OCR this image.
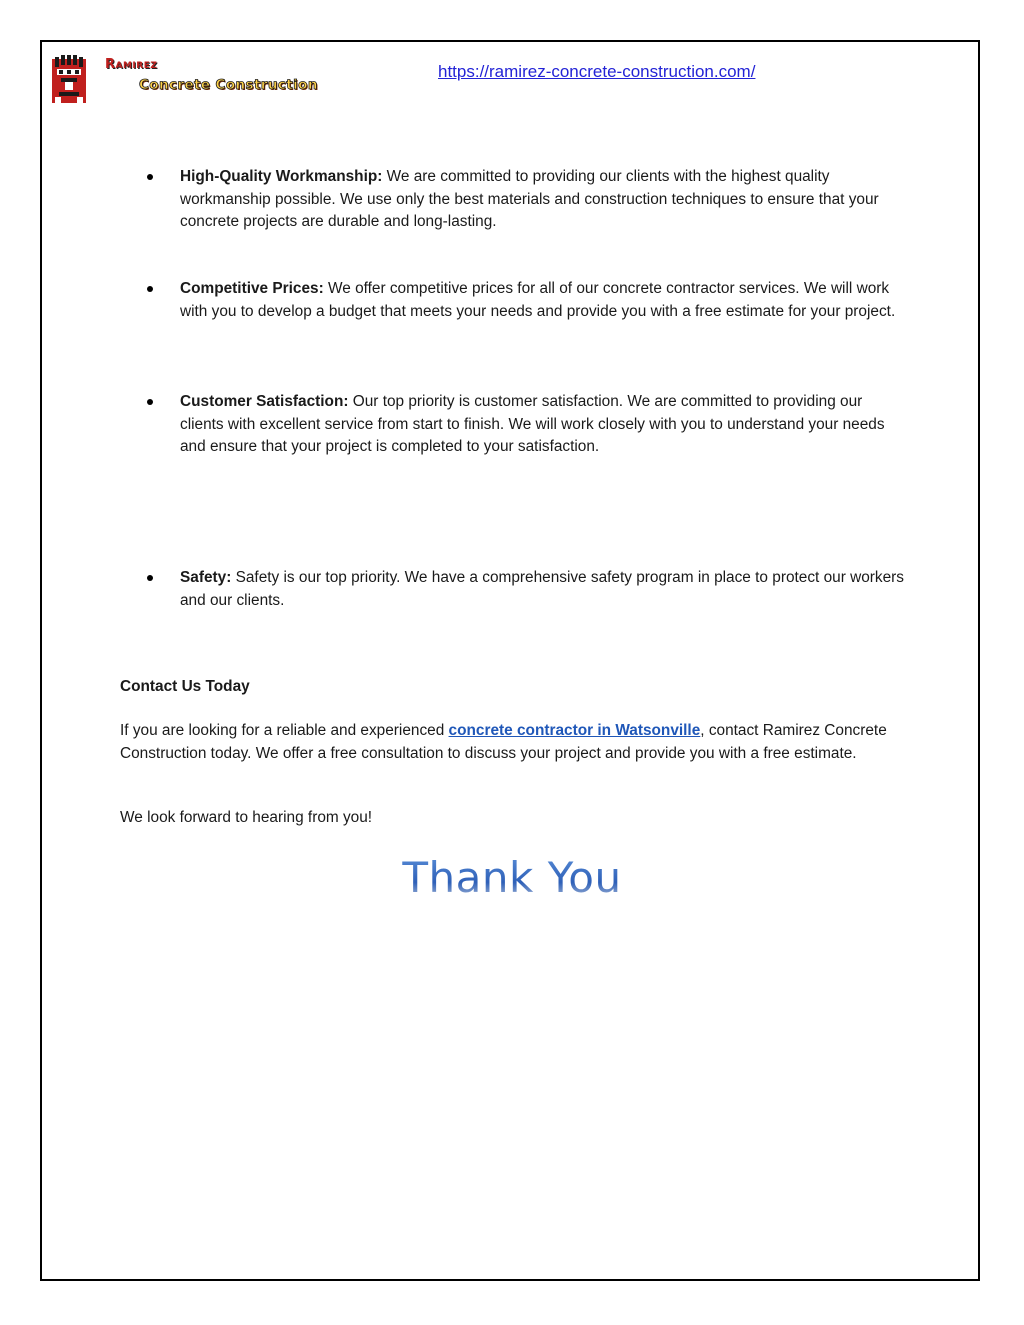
Ramirez
Concrete Construction
https://ramirez-concrete-construction.com/
High-Quality Workmanship: We are committed to providing our clients with the highest quality workmanship possible. We use only the best materials and construction techniques to ensure that your concrete projects are durable and long-lasting.
Competitive Prices: We offer competitive prices for all of our concrete contractor services. We will work with you to develop a budget that meets your needs and provide you with a free estimate for your project.
Customer Satisfaction: Our top priority is customer satisfaction. We are committed to providing our clients with excellent service from start to finish. We will work closely with you to understand your needs and ensure that your project is completed to your satisfaction.
Safety: Safety is our top priority. We have a comprehensive safety program in place to protect our workers and our clients.
Contact Us Today
If you are looking for a reliable and experienced concrete contractor in Watsonville, contact Ramirez Concrete Construction today. We offer a free consultation to discuss your project and provide you with a free estimate.
We look forward to hearing from you!
Thank You
